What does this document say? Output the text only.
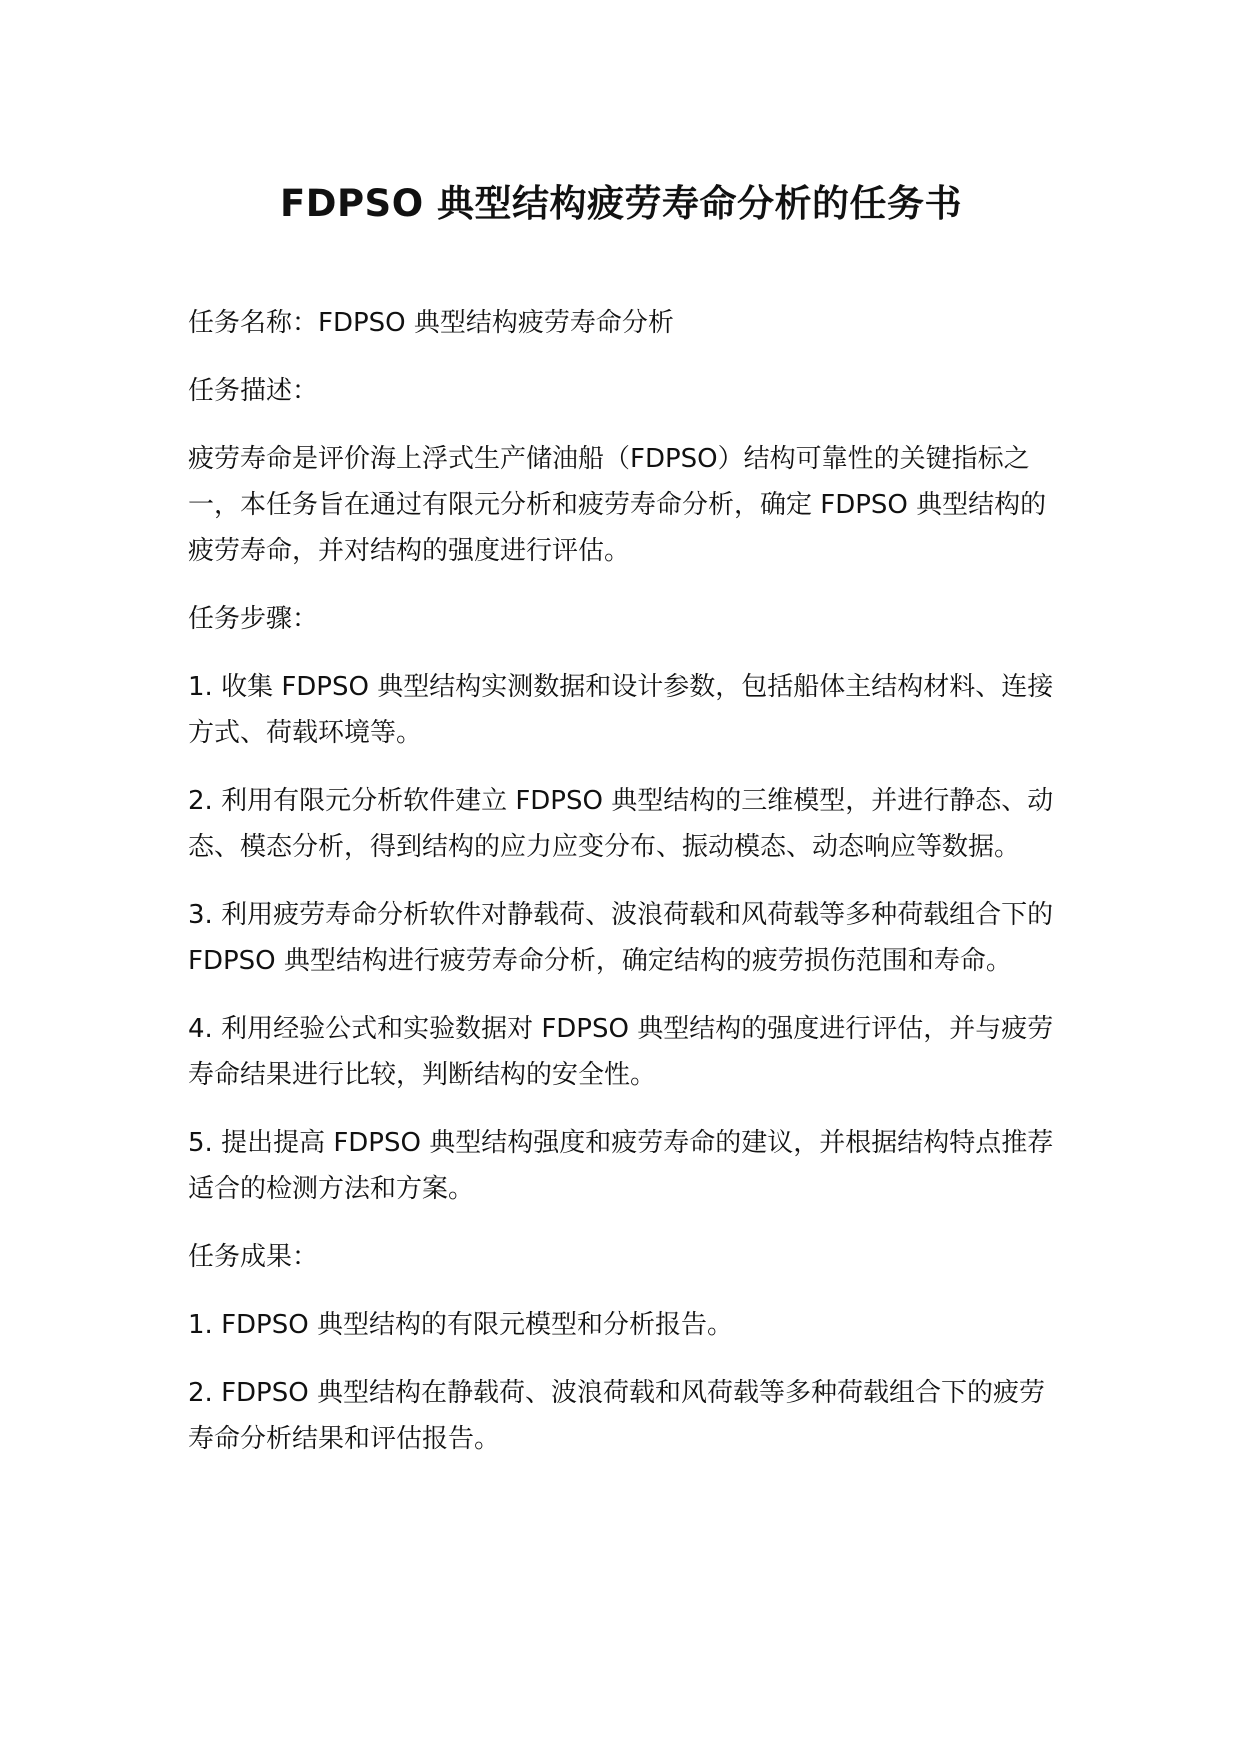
FDPSO 典型结构疲劳寿命分析的任务书

任务名称：FDPSO 典型结构疲劳寿命分析

任务描述：

疲劳寿命是评价海上浮式生产储油船（FDPSO）结构可靠性的关键指标之一，本任务旨在通过有限元分析和疲劳寿命分析，确定 FDPSO 典型结构的疲劳寿命，并对结构的强度进行评估。

任务步骤：

1. 收集 FDPSO 典型结构实测数据和设计参数，包括船体主结构材料、连接方式、荷载环境等。

2. 利用有限元分析软件建立 FDPSO 典型结构的三维模型，并进行静态、动态、模态分析，得到结构的应力应变分布、振动模态、动态响应等数据。

3. 利用疲劳寿命分析软件对静载荷、波浪荷载和风荷载等多种荷载组合下的 FDPSO 典型结构进行疲劳寿命分析，确定结构的疲劳损伤范围和寿命。

4. 利用经验公式和实验数据对 FDPSO 典型结构的强度进行评估，并与疲劳寿命结果进行比较，判断结构的安全性。

5. 提出提高 FDPSO 典型结构强度和疲劳寿命的建议，并根据结构特点推荐适合的检测方法和方案。

任务成果：

1. FDPSO 典型结构的有限元模型和分析报告。

2. FDPSO 典型结构在静载荷、波浪荷载和风荷载等多种荷载组合下的疲劳寿命分析结果和评估报告。
